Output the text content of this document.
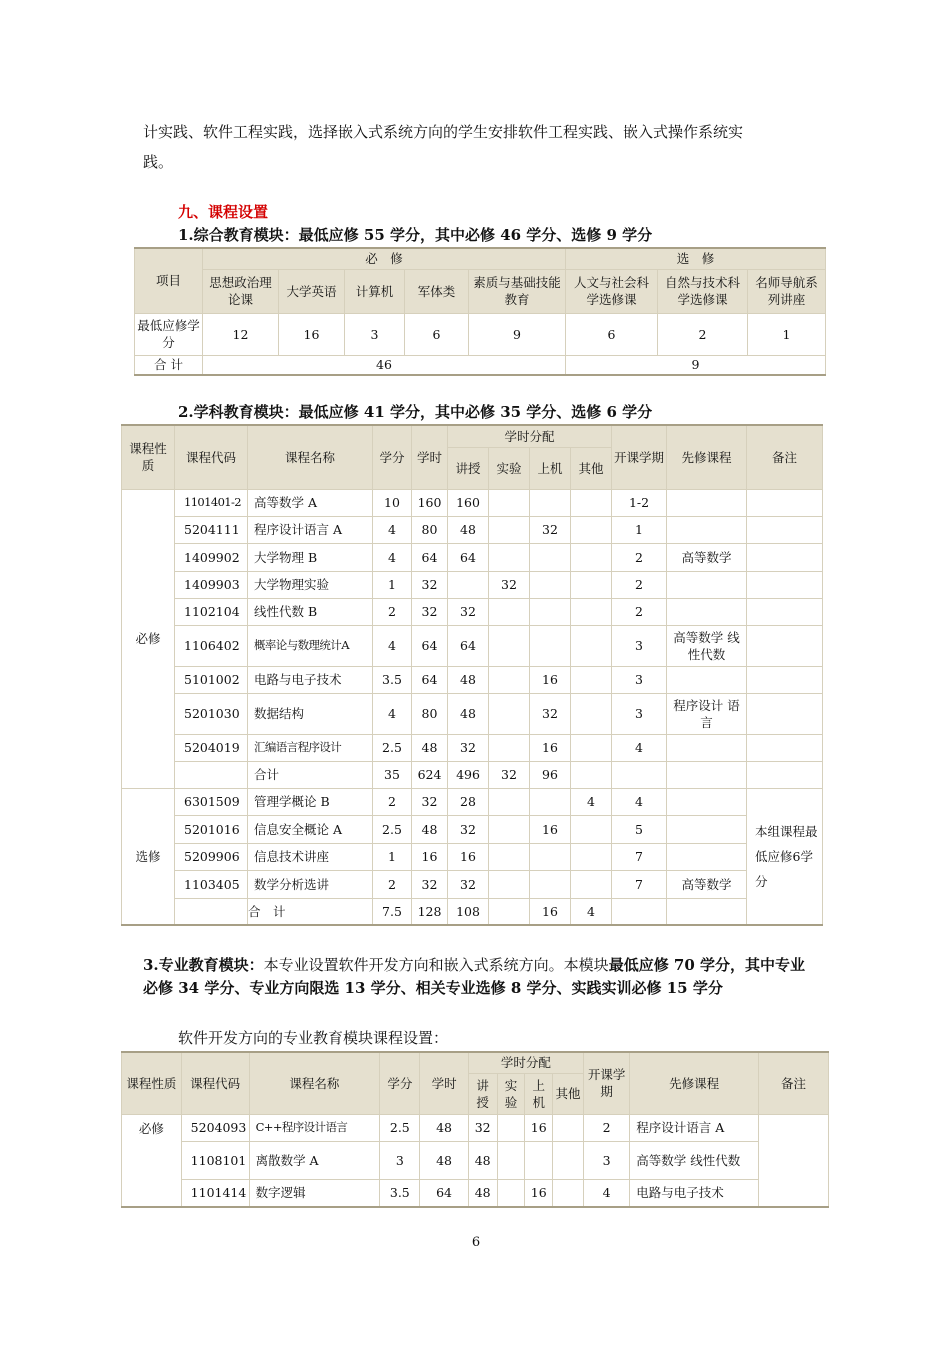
计实践、软件工程实践，选择嵌入式系统方向的学生安排软件工程实践、嵌入式操作系统实
践。
九、课程设置
1.综合教育模块：最低应修 55 学分，其中必修 46 学分、选修 9 学分
项目	必　修					选　修		
	思想政治理论课	大学英语	计算机	军体类	素质与基础技能教育	人文与社会科学选修课	自然与技术科学选修课	名师导航系列讲座
最低应修学分	12	16	3	6	9	6	2	1
合 计	46					9		
2.学科教育模块：最低应修 41 学分，其中必修 35 学分、选修 6 学分
课程性质	课程代码	课程名称	学分	学时	学时分配				开课学期	先修课程	备注
					讲授	实验	上机	其他			
必修	1101401-2	高等数学 A	10	160	160				1-2		
	5204111	程序设计语言 A	4	80	48		32		1		
	1409902	大学物理 B	4	64	64				2	高等数学	
	1409903	大学物理实验	1	32		32			2		
	1102104	线性代数 B	2	32	32				2		
	1106402	概率论与数理统计A	4	64	64				3	高等数学 线性代数	
	5101002	电路与电子技术	3.5	64	48		16		3		
	5201030	数据结构	4	80	48		32		3	程序设计 语言	
	5204019	汇编语言程序设计	2.5	48	32		16		4		
		合计	35	624	496	32	96				
选修	6301509	管理学概论 B	2	32	28			4	4		本组课程最低应修6学分
	5201016	信息安全概论 A	2.5	48	32		16		5		
	5209906	信息技术讲座	1	16	16				7		
	1103405	数学分析选讲	2	32	32				7	高等数学	
		合　计	7.5	128	108		16	4			
3.专业教育模块：本专业设置软件开发方向和嵌入式系统方向。本模块最低应修 70 学分，其中专业必修 34 学分、专业方向限选 13 学分、相关专业选修 8 学分、实践实训必修 15 学分
软件开发方向的专业教育模块课程设置：
课程性质	课程代码	课程名称	学分	学时	学时分配				开课学期	先修课程	备注
					讲授	实验	上机	其他			
必修	5204093	C++程序设计语言	2.5	48	32		16		2	程序设计语言 A	
	1108101	离散数学 A	3	48	48				3	高等数学 线性代数	
	1101414	数字逻辑	3.5	64	48		16		4	电路与电子技术	
6
